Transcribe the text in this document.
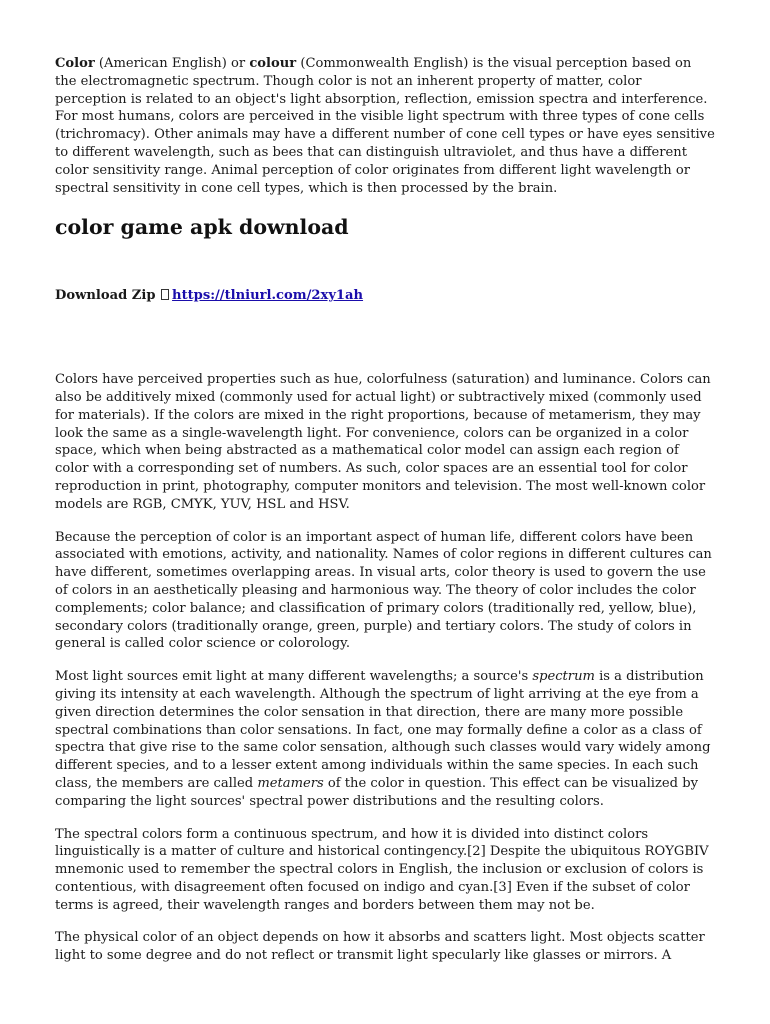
Color (American English) or colour (Commonwealth English) is the visual perception based on the electromagnetic spectrum. Though color is not an inherent property of matter, color perception is related to an object's light absorption, reflection, emission spectra and interference. For most humans, colors are perceived in the visible light spectrum with three types of cone cells (trichromacy). Other animals may have a different number of cone cell types or have eyes sensitive to different wavelength, such as bees that can distinguish ultraviolet, and thus have a different color sensitivity range. Animal perception of color originates from different light wavelength or spectral sensitivity in cone cell types, which is then processed by the brain.

color game apk download
Download Zip https://tlniurl.com/2xy1ah

Colors have perceived properties such as hue, colorfulness (saturation) and luminance. Colors can also be additively mixed (commonly used for actual light) or subtractively mixed (commonly used for materials). If the colors are mixed in the right proportions, because of metamerism, they may look the same as a single-wavelength light. For convenience, colors can be organized in a color space, which when being abstracted as a mathematical color model can assign each region of color with a corresponding set of numbers. As such, color spaces are an essential tool for color reproduction in print, photography, computer monitors and television. The most well-known color models are RGB, CMYK, YUV, HSL and HSV.

Because the perception of color is an important aspect of human life, different colors have been associated with emotions, activity, and nationality. Names of color regions in different cultures can have different, sometimes overlapping areas. In visual arts, color theory is used to govern the use of colors in an aesthetically pleasing and harmonious way. The theory of color includes the color complements; color balance; and classification of primary colors (traditionally red, yellow, blue), secondary colors (traditionally orange, green, purple) and tertiary colors. The study of colors in general is called color science or colorology.

Most light sources emit light at many different wavelengths; a source's spectrum is a distribution giving its intensity at each wavelength. Although the spectrum of light arriving at the eye from a given direction determines the color sensation in that direction, there are many more possible spectral combinations than color sensations. In fact, one may formally define a color as a class of spectra that give rise to the same color sensation, although such classes would vary widely among different species, and to a lesser extent among individuals within the same species. In each such class, the members are called metamers of the color in question. This effect can be visualized by comparing the light sources' spectral power distributions and the resulting colors.

The spectral colors form a continuous spectrum, and how it is divided into distinct colors linguistically is a matter of culture and historical contingency.[2] Despite the ubiquitous ROYGBIV mnemonic used to remember the spectral colors in English, the inclusion or exclusion of colors is contentious, with disagreement often focused on indigo and cyan.[3] Even if the subset of color terms is agreed, their wavelength ranges and borders between them may not be.

The physical color of an object depends on how it absorbs and scatters light. Most objects scatter light to some degree and do not reflect or transmit light specularly like glasses or mirrors. A
